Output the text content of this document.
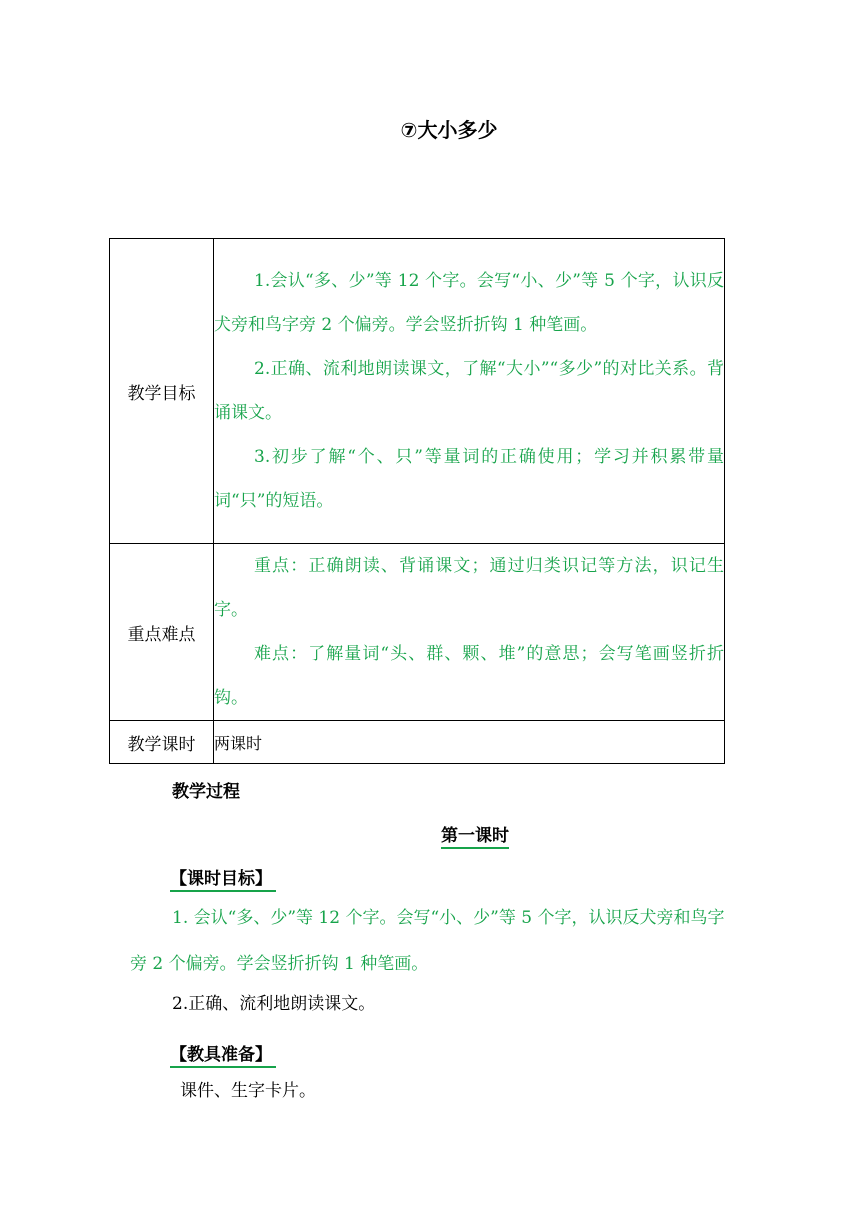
⑦大小多少
教学目标	1.会认“多、少”等 12 个字。会写“小、少”等 5 个字，认识反犬旁和鸟字旁 2 个偏旁。学会竖折折钩 1 种笔画。

2.正确、流利地朗读课文，了解“大小”“多少”的对比关系。背诵课文。

3.初步了解“个、只”等量词的正确使用；学习并积累带量词“只”的短语。

重点难点	重点：正确朗读、背诵课文；通过归类识记等方法，识记生字。

难点：了解量词“头、群、颗、堆”的意思；会写笔画竖折折钩。

教学课时	两课时
教学过程
第一课时
【课时目标】

1. 会认“多、少”等 12 个字。会写“小、少”等 5 个字，认识反犬旁和鸟字旁 2 个偏旁。学会竖折折钩 1 种笔画。

2.正确、流利地朗读课文。

【教具准备】

课件、生字卡片。
